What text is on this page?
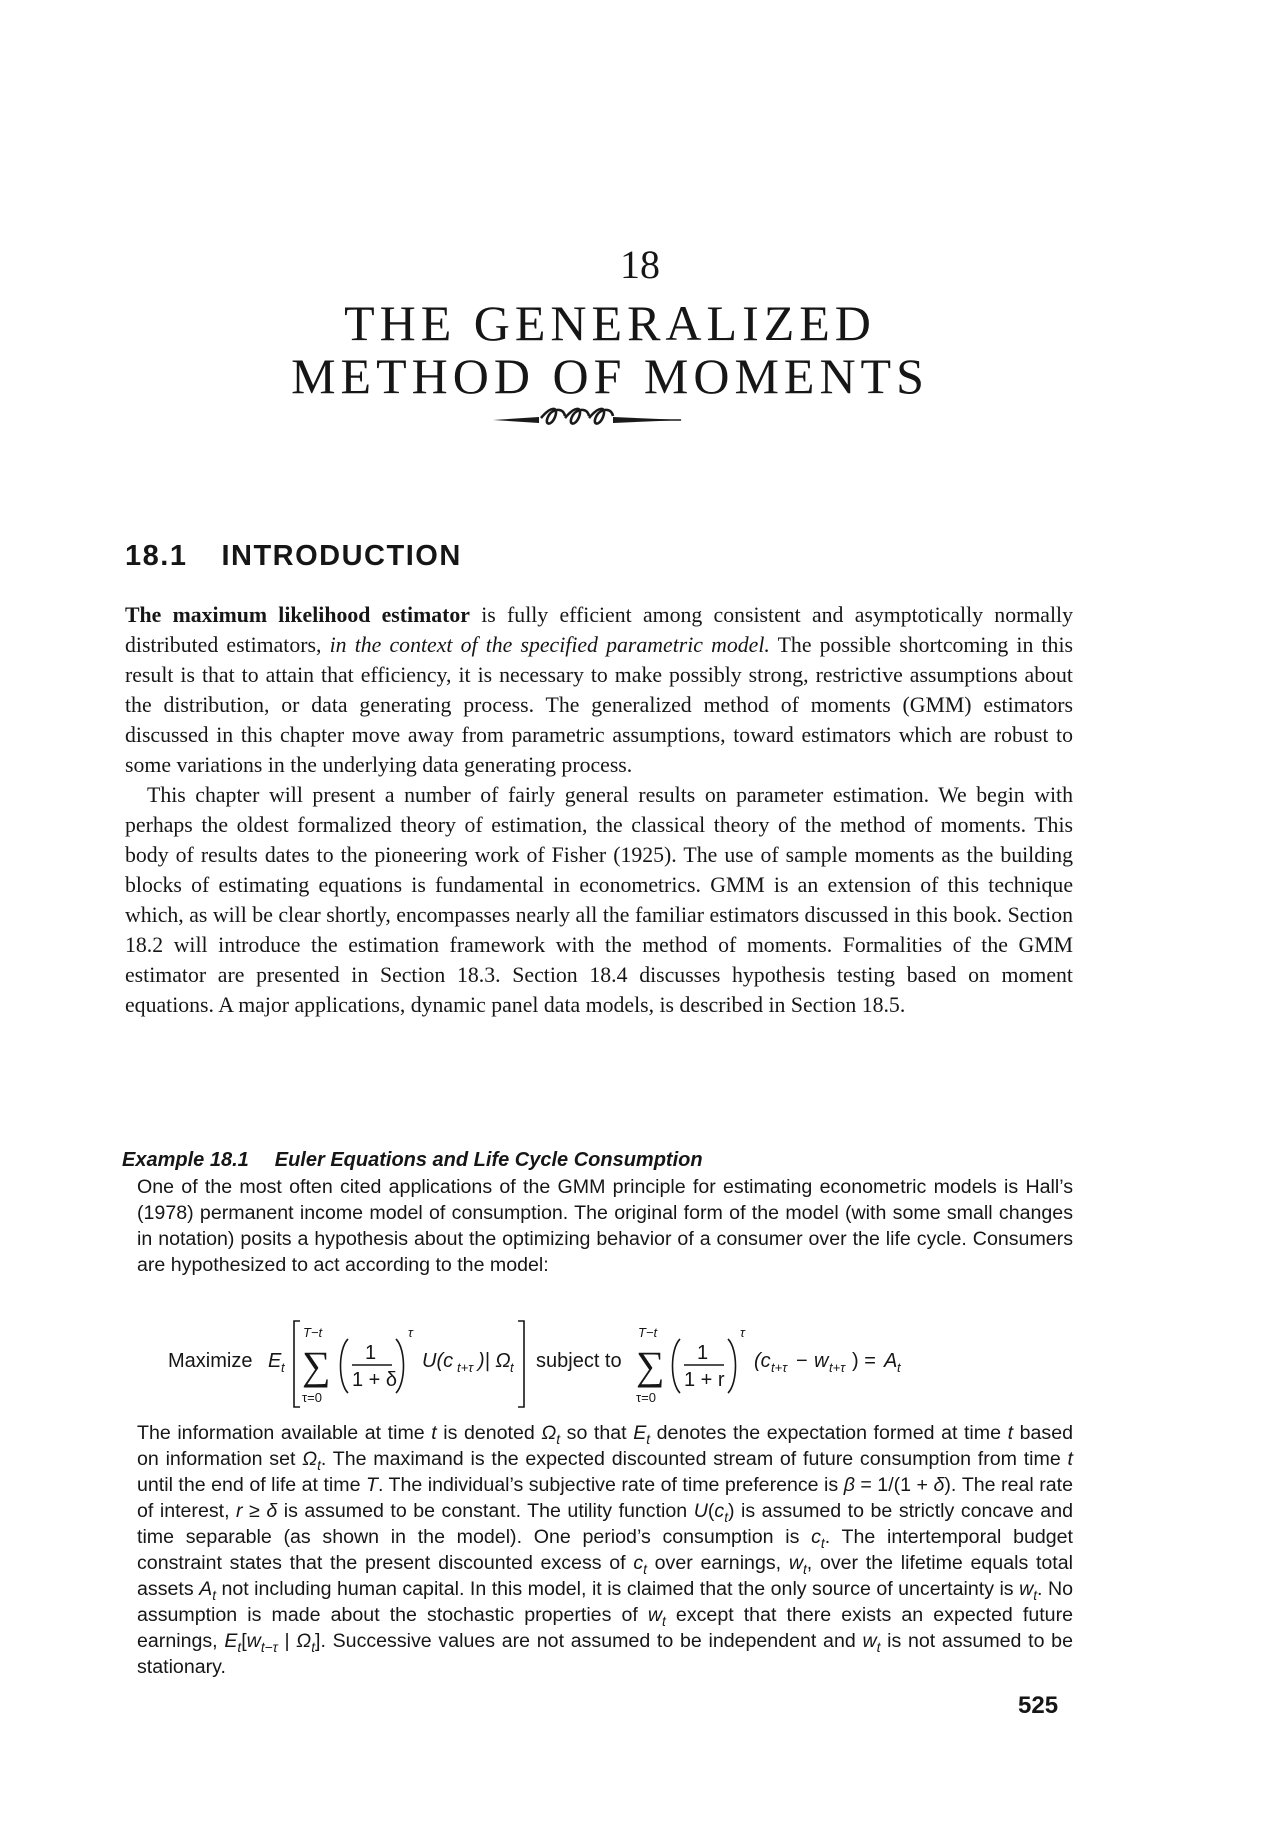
18
THE GENERALIZED
METHOD OF MOMENTS
18.1 INTRODUCTION

The maximum likelihood estimator is fully efficient among consistent and asymptotically normally distributed estimators, in the context of the specified parametric model. The possible shortcoming in this result is that to attain that efficiency, it is necessary to make possibly strong, restrictive assumptions about the distribution, or data generating process. The generalized method of moments (GMM) estimators discussed in this chapter move away from parametric assumptions, toward estimators which are robust to some variations in the underlying data generating process.

This chapter will present a number of fairly general results on parameter estimation. We begin with perhaps the oldest formalized theory of estimation, the classical theory of the method of moments. This body of results dates to the pioneering work of Fisher (1925). The use of sample moments as the building blocks of estimating equations is fundamental in econometrics. GMM is an extension of this technique which, as will be clear shortly, encompasses nearly all the familiar estimators discussed in this book. Section 18.2 will introduce the estimation framework with the method of moments. Formalities of the GMM estimator are presented in Section 18.3. Section 18.4 discusses hypothesis testing based on moment equations. A major applications, dynamic panel data models, is described in Section 18.5.

Example 18.1 Euler Equations and Life Cycle Consumption
One of the most often cited applications of the GMM principle for estimating econometric models is Hall’s (1978) permanent income model of consumption. The original form of the model (with some small changes in notation) posits a hypothesis about the optimizing behavior of a consumer over the life cycle. Consumers are hypothesized to act according to the model:
Maximize E t
T−t
∑
τ=0
1
1 + δ
τ
U(c t+τ )| Ω t subject to
T−t
∑
τ=0
1
1 + r
τ
(c t+τ − w t+τ ) = A t
The information available at time t is denoted $\Omega_t$ so that $E_t$ denotes the expectation formed at time t based on information set $\Omega_t$. The maximand is the expected discounted stream of future consumption from time t until the end of life at time T. The individual’s subjective rate of time preference is β = 1/(1 + δ). The real rate of interest, r ≥ δ is assumed to be constant. The utility function $U(c_t)$ is assumed to be strictly concave and time separable (as shown in the model). One period’s consumption is $c_t$. The intertemporal budget constraint states that the present discounted excess of $c_t$ over earnings, $w_t$, over the lifetime equals total assets $A_t$ not including human capital. In this model, it is claimed that the only source of uncertainty is $w_t$. No assumption is made about the stochastic properties of $w_t$ except that there exists an expected future earnings, $E_t[w_{t-\tau}$ | $\Omega_t$]. Successive values are not assumed to be independent and $w_t$ is not assumed to be stationary.
525
